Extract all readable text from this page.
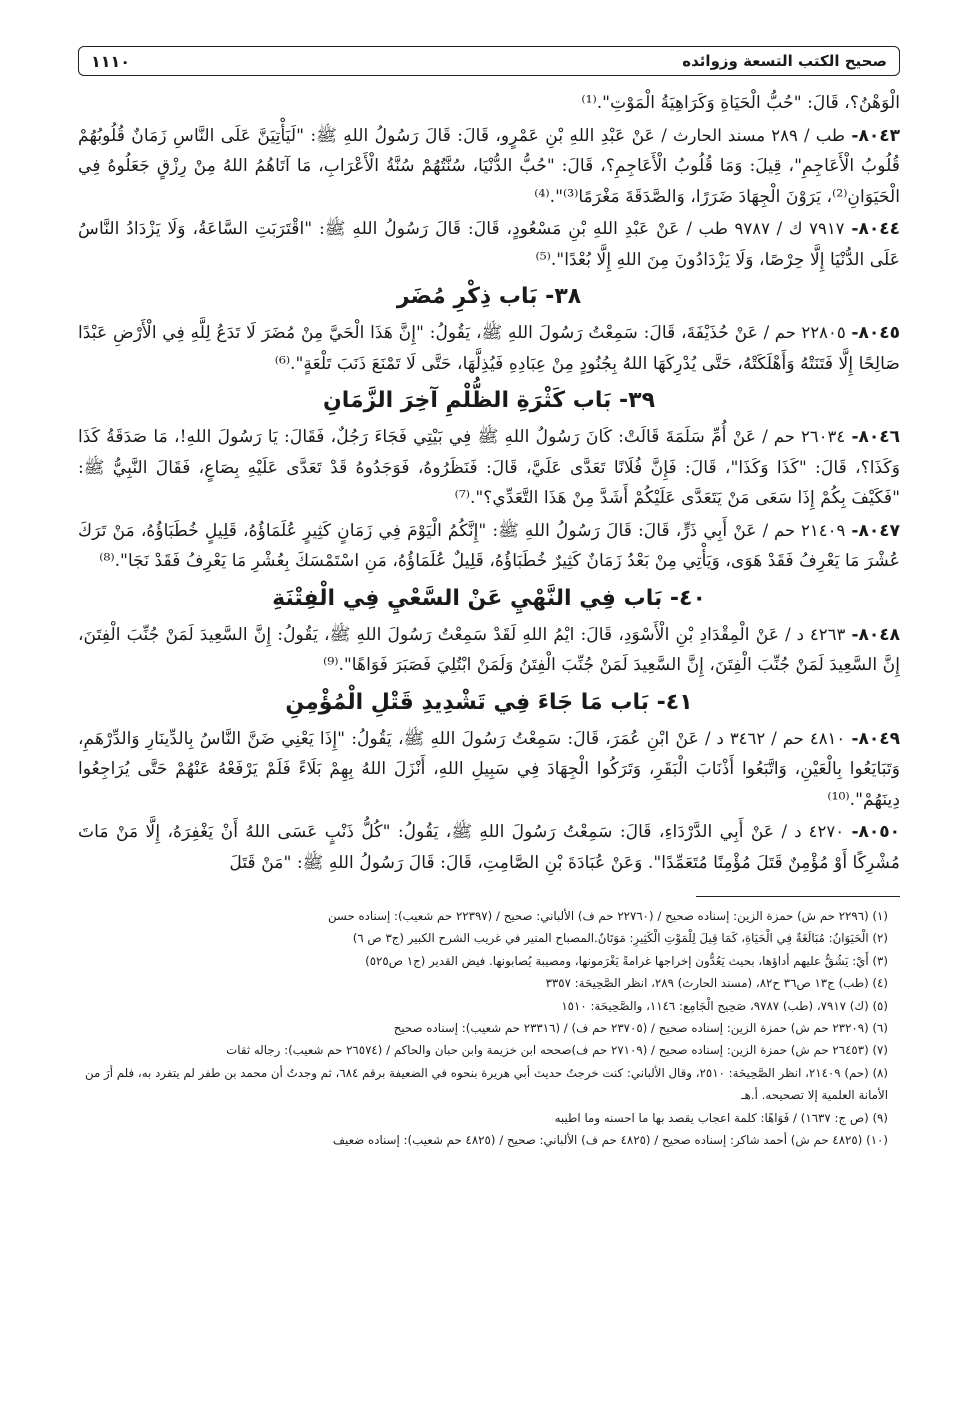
صحيح الكتب التسعة وزوائده
١١١٠

الْوَهْنُ؟، قَالَ: "حُبُّ الْحَيَاةِ وَكَرَاهِيَةُ الْمَوْتِ".⁽¹⁾

٨٠٤٣- طب / ٢٨٩ مسند الحارث / عَنْ عَبْدِ اللهِ بْنِ عَمْرٍو، قَالَ: قَالَ رَسُولُ اللهِ ﷺ: "لَيَأْتِيَنَّ عَلَى النَّاسِ زَمَانٌ قُلُوبُهُمْ قُلُوبُ الْأَعَاجِمِ"، قِيلَ: وَمَا قُلُوبُ الْأَعَاجِمِ؟، قَالَ: "حُبُّ الدُّنْيَا، سُنَّتُهُمْ سُنَّةُ الْأَعْرَابِ، مَا آتَاهُمُ اللهُ مِنْ رِزْقٍ جَعَلُوهُ فِي الْحَيَوَانِ⁽²⁾، يَرَوْنَ الْجِهَادَ ضَرَرًا، وَالصَّدَقَةَ مَغْرَمًا⁽³⁾".⁽⁴⁾

٨٠٤٤- ٧٩١٧ ك / ٩٧٨٧ طب / عَنْ عَبْدِ اللهِ بْنِ مَسْعُودٍ، قَالَ: قَالَ رَسُولُ اللهِ ﷺ: "اقْتَرَبَتِ السَّاعَةُ، وَلَا يَزْدَادُ النَّاسُ عَلَى الدُّنْيَا إِلَّا حِرْصًا، وَلَا يَزْدَادُونَ مِنَ اللهِ إِلَّا بُعْدًا".⁽⁵⁾

٣٨- بَاب ذِكْرِ مُضَر

٨٠٤٥- ٢٢٨٠٥ حم / عَنْ حُذَيْفَةَ، قَالَ: سَمِعْتُ رَسُولَ اللهِ ﷺ، يَقُولُ: "إِنَّ هَذَا الْحَيَّ مِنْ مُضَرَ لَا تَدَعُ لِلَّهِ فِي الْأَرْضِ عَبْدًا صَالِحًا إِلَّا فَتَنَتْهُ وَأَهْلَكَتْهُ، حَتَّى يُدْرِكَهَا اللهُ بِجُنُودٍ مِنْ عِبَادِهِ فَيُذِلَّهَا، حَتَّى لَا تَمْنَعَ ذَنَبَ تَلْعَةٍ".⁽⁶⁾

٣٩- بَاب كَثْرَةِ الظُّلْمِ آخِرَ الزَّمَانِ

٨٠٤٦- ٢٦٠٣٤ حم / عَنْ أُمِّ سَلَمَةَ قَالَتْ: كَانَ رَسُولُ اللهِ ﷺ فِي بَيْتِي فَجَاءَ رَجُلٌ، فَقَالَ: يَا رَسُولَ اللهِ!، مَا صَدَقَةُ كَذَا وَكَذَا؟، قَالَ: "كَذَا وَكَذَا"، قَالَ: فَإِنَّ فُلَانًا تَعَدَّى عَلَيَّ، قَالَ: فَنَظَرُوهُ، فَوَجَدُوهُ قَدْ تَعَدَّى عَلَيْهِ بِصَاعٍ، فَقَالَ النَّبِيُّ ﷺ: "فَكَيْفَ بِكُمْ إِذَا سَعَى مَنْ يَتَعَدَّى عَلَيْكُمْ أَشَدَّ مِنْ هَذَا التَّعَدِّي؟".⁽⁷⁾

٨٠٤٧- ٢١٤٠٩ حم / عَنْ أَبِي ذَرٍّ، قَالَ: قَالَ رَسُولُ اللهِ ﷺ: "إِنَّكُمُ الْيَوْمَ فِي زَمَانٍ كَثِيرٍ عُلَمَاؤُهُ، قَلِيلٍ خُطَبَاؤُهُ، مَنْ تَرَكَ عُشْرَ مَا يَعْرِفُ فَقَدْ هَوَى، وَيَأْتِي مِنْ بَعْدُ زَمَانٌ كَثِيرٌ خُطَبَاؤُهُ، قَلِيلٌ عُلَمَاؤُهُ، مَنِ اسْتَمْسَكَ بِعُشْرِ مَا يَعْرِفُ فَقَدْ نَجَا".⁽⁸⁾

٤٠- بَاب فِي النَّهْيِ عَنْ السَّعْيِ فِي الْفِتْنَةِ

٨٠٤٨- ٤٢٦٣ د / عَنْ الْمِقْدَادِ بْنِ الْأَسْوَدِ، قَالَ: ايْمُ اللهِ لَقَدْ سَمِعْتُ رَسُولَ اللهِ ﷺ، يَقُولُ: إِنَّ السَّعِيدَ لَمَنْ جُنِّبَ الْفِتَنَ، إِنَّ السَّعِيدَ لَمَنْ جُنِّبَ الْفِتَنَ، إِنَّ السَّعِيدَ لَمَنْ جُنِّبَ الْفِتَنُ وَلَمَنْ ابْتُلِيَ فَصَبَرَ فَوَاهًا".⁽⁹⁾

٤١- بَاب مَا جَاءَ فِي تَشْدِيدِ قَتْلِ الْمُؤْمِنِ

٨٠٤٩- ٤٨١٠ حم / ٣٤٦٢ د / عَنْ ابْنِ عُمَرَ، قَالَ: سَمِعْتُ رَسُولَ اللهِ ﷺ، يَقُولُ: "إِذَا يَعْنِي ضَنَّ النَّاسُ بِالدِّينَارِ وَالدِّرْهَمِ، وَتَبَايَعُوا بِالْعَيْنِ، وَاتَّبَعُوا أَذْنَابَ الْبَقَرِ، وَتَرَكُوا الْجِهَادَ فِي سَبِيلِ اللهِ، أَنْزَلَ اللهُ بِهِمْ بَلَاءً فَلَمْ يَرْفَعْهُ عَنْهُمْ حَتَّى يُرَاجِعُوا دِينَهُمْ".⁽¹⁰⁾

٨٠٥٠- ٤٢٧٠ د / عَنْ أَبِي الدَّرْدَاءِ، قَالَ: سَمِعْتُ رَسُولَ اللهِ ﷺ، يَقُولُ: "كُلُّ ذَنْبٍ عَسَى اللهُ أَنْ يَغْفِرَهُ، إِلَّا مَنْ مَاتَ مُشْرِكًا أَوْ مُؤْمِنٌ قَتَلَ مُؤْمِنًا مُتَعَمِّدًا". وَعَنْ عُبَادَةَ بْنِ الصَّامِتِ، قَالَ: قَالَ رَسُولُ اللهِ ﷺ: "مَنْ قَتَلَ

(١) (٢٢٩٦ حم ش) حمزة الزين: إسناده صحيح / (٢٢٧٦٠ حم ف) الألباني: صحيح / (٢٢٣٩٧ حم شعيب): إسناده حسن
(٢) الْحَيَوَانُ: مُبَالَغَةٌ فِي الْحَيَاةِ، كَمَا قِيلَ لِلْمَوْتِ الْكَثِيرِ: مَوَتَانٌ.المصباح المنير في غريب الشرح الكبير (ج٣ ص ٦)
(٣) أَيْ: يَشُقُّ عليهم أداؤها، بحيث يَعُدُّون إخراجها غرامةً يَغْرَمونها، ومصيبة يُصابونها. فيض القدير (ج١ ص٥٢٥)
(٤) (طب) ج١٣ ص٣٦ ح٨٢، (مسند الحارث) ٢٨٩، انظر الصَّحِيحَة: ٣٣٥٧
(٥) (ك) ٧٩١٧، (طب) ٩٧٨٧، صَحِيح الْجَامِع: ١١٤٦، والصَّحِيحَة: ١٥١٠
(٦) (٢٣٢٠٩ حم ش) حمزة الزين: إسناده صحيح / (٢٣٧٠٥ حم ف) / (٢٣٣١٦ حم شعيب): إسناده صحيح
(٧) (٢٦٤٥٣ حم ش) حمزة الزين: إسناده صحيح / (٢٧١٠٩ حم ف)صححه ابن خزيمة وابن حبان والحاكم / (٢٦٥٧٤ حم شعيب): رجاله ثقات
(٨) (حم) ٢١٤٠٩، انظر الصَّحِيحَة: ٢٥١٠، وقال الألباني: كنت خرجتُ حديث أبي هريرة بنحوه في الضعيفة برقم ٦٨٤، ثم وجدتُ أن محمد بن طفر لم يتفرد به، فلم أرَ من الأمانة العلمية إلا تصحيحه. أ.هـ
(٩) (ص ج: ١٦٣٧) / فَوَاهًا: كلمة اعجاب يقصد بها ما احسنه وما اطيبه
(١٠) (٤٨٢٥ حم ش) أحمد شاكر: إسناده صحيح / (٤٨٢٥ حم ف) الألباني: صحيح / (٤٨٢٥ حم شعيب): إسناده ضعيف
